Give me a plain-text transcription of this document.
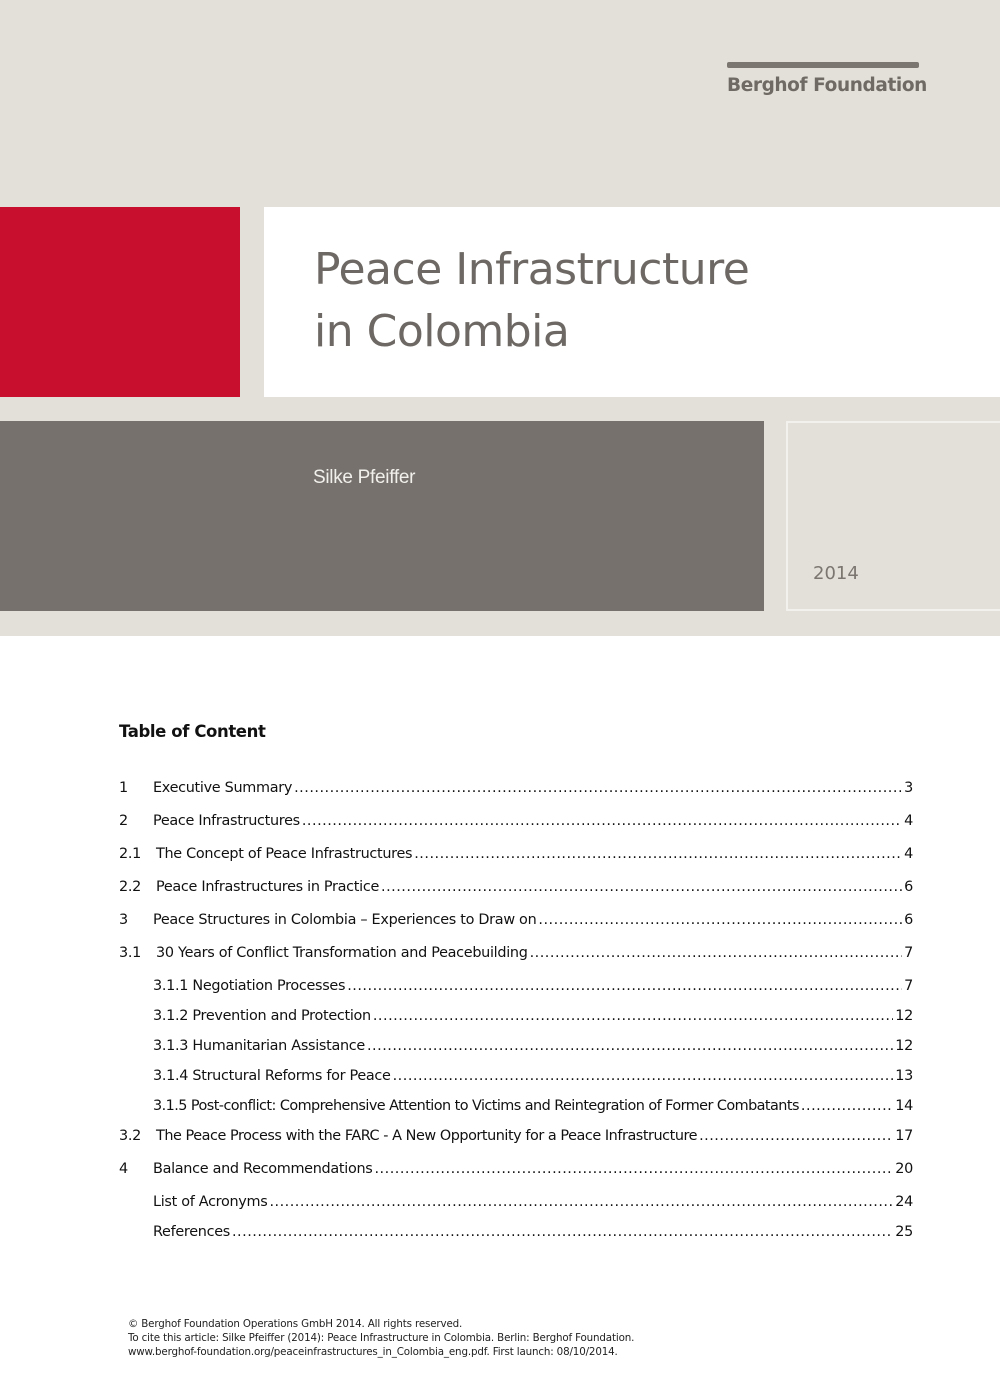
Berghof Foundation
Peace Infrastructure
in Colombia
Silke Pfeiffer
2014
Table of Content
1	Executive Summary .....	3
2	Peace Infrastructures .....	4
2.1	The Concept of Peace Infrastructures .....	4
2.2	Peace Infrastructures in Practice .....	6
3	Peace Structures in Colombia – Experiences to Draw on .....	6
3.1	30 Years of Conflict Transformation and Peacebuilding .....	7
3.1.1 Negotiation Processes .....	7
3.1.2 Prevention and Protection .....	12
3.1.3 Humanitarian Assistance .....	12
3.1.4 Structural Reforms for Peace .....	13
3.1.5 Post-conflict: Comprehensive Attention to Victims and Reintegration of Former Combatants .....	14
3.2	The Peace Process with the FARC - A New Opportunity for a Peace Infrastructure .....	17
4	Balance and Recommendations .....	20
List of Acronyms .....	24
References .....	25
© Berghof Foundation Operations GmbH 2014. All rights reserved.
To cite this article: Silke Pfeiffer (2014): Peace Infrastructure in Colombia. Berlin: Berghof Foundation.
www.berghof-foundation.org/peaceinfrastructures_in_Colombia_eng.pdf. First launch: 08/10/2014.
